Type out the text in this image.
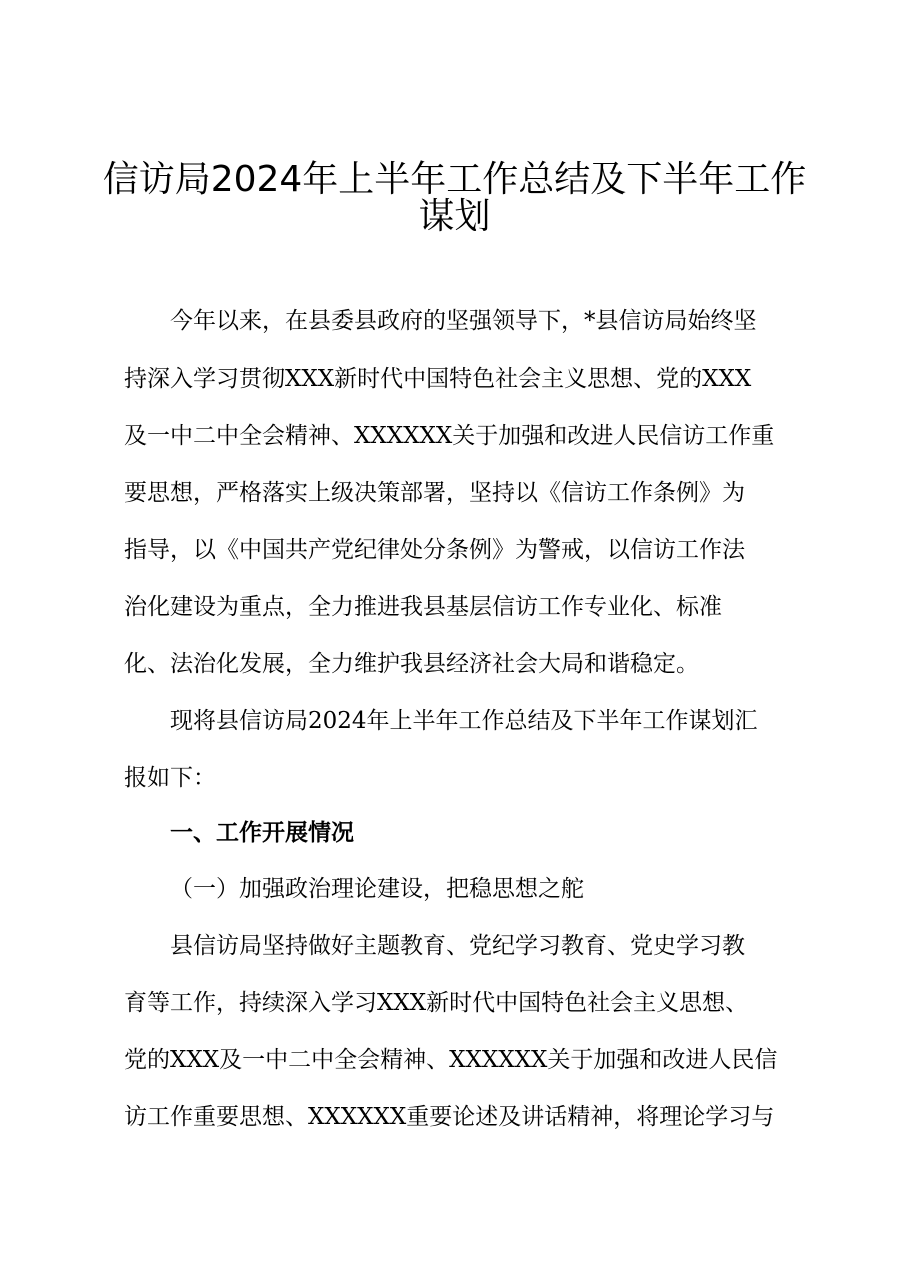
信访局2024年上半年工作总结及下半年工作
谋划

今年以来，在县委县政府的坚强领导下，*县信访局始终坚

持深入学习贯彻XXX新时代中国特色社会主义思想、党的XXX

及一中二中全会精神、XXXXXX关于加强和改进人民信访工作重

要思想，严格落实上级决策部署，坚持以《信访工作条例》为

指导，以《中国共产党纪律处分条例》为警戒，以信访工作法

治化建设为重点，全力推进我县基层信访工作专业化、标准

化、法治化发展，全力维护我县经济社会大局和谐稳定。

现将县信访局2024年上半年工作总结及下半年工作谋划汇

报如下：

一、工作开展情况

（一）加强政治理论建设，把稳思想之舵

县信访局坚持做好主题教育、党纪学习教育、党史学习教

育等工作，持续深入学习XXX新时代中国特色社会主义思想、

党的XXX及一中二中全会精神、XXXXXX关于加强和改进人民信

访工作重要思想、XXXXXX重要论述及讲话精神，将理论学习与
